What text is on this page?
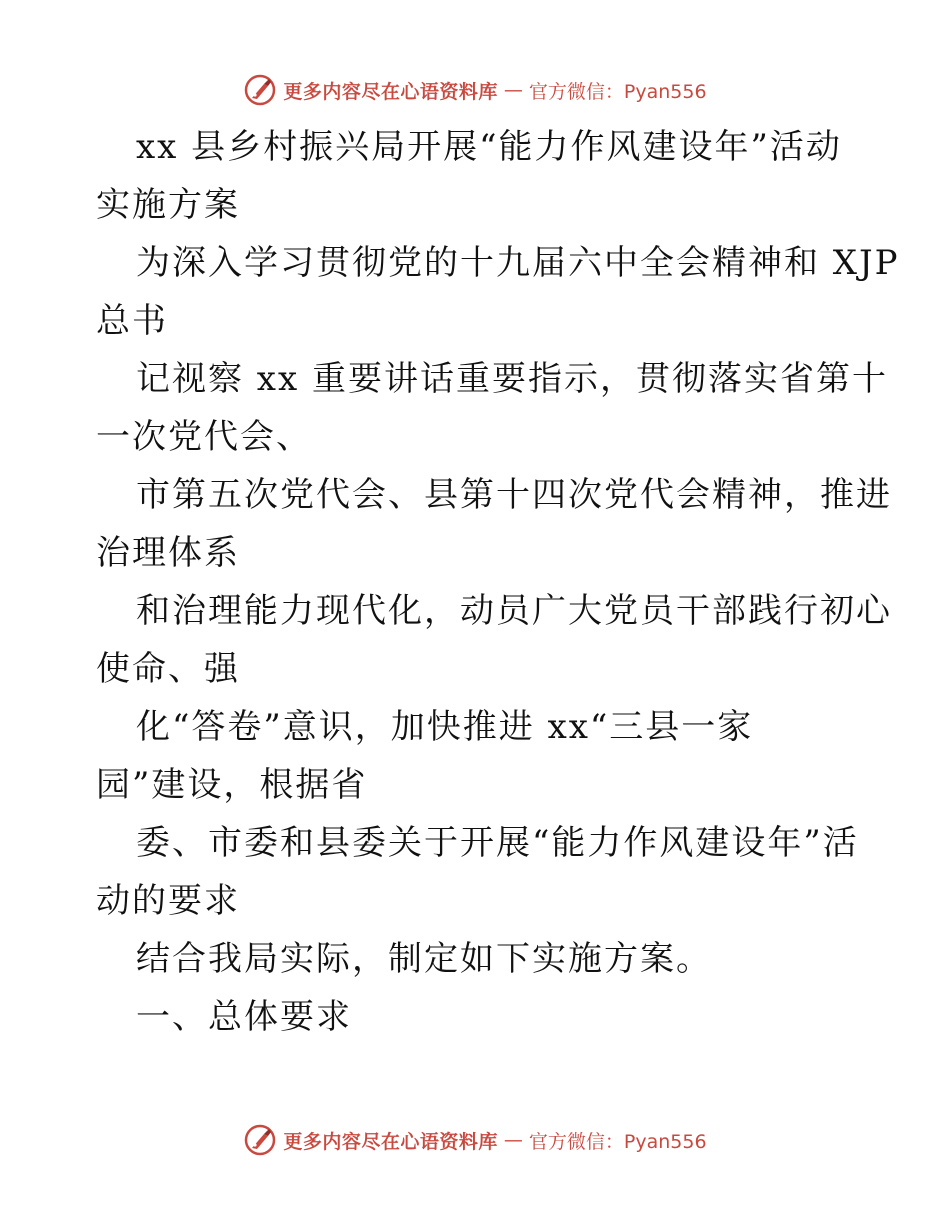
更多内容尽在心语资料库 — 官方微信：Pyan556
xx 县乡村振兴局开展“能力作风建设年”活动
实施方案
为深入学习贯彻党的十九届六中全会精神和 XJP
总书
记视察 xx 重要讲话重要指示，贯彻落实省第十
一次党代会、
市第五次党代会、县第十四次党代会精神，推进
治理体系
和治理能力现代化，动员广大党员干部践行初心
使命、强
化“答卷”意识，加快推进 xx“三县一家
园”建设，根据省
委、市委和县委关于开展“能力作风建设年”活
动的要求
结合我局实际，制定如下实施方案。
一、总体要求
更多内容尽在心语资料库 — 官方微信：Pyan556
